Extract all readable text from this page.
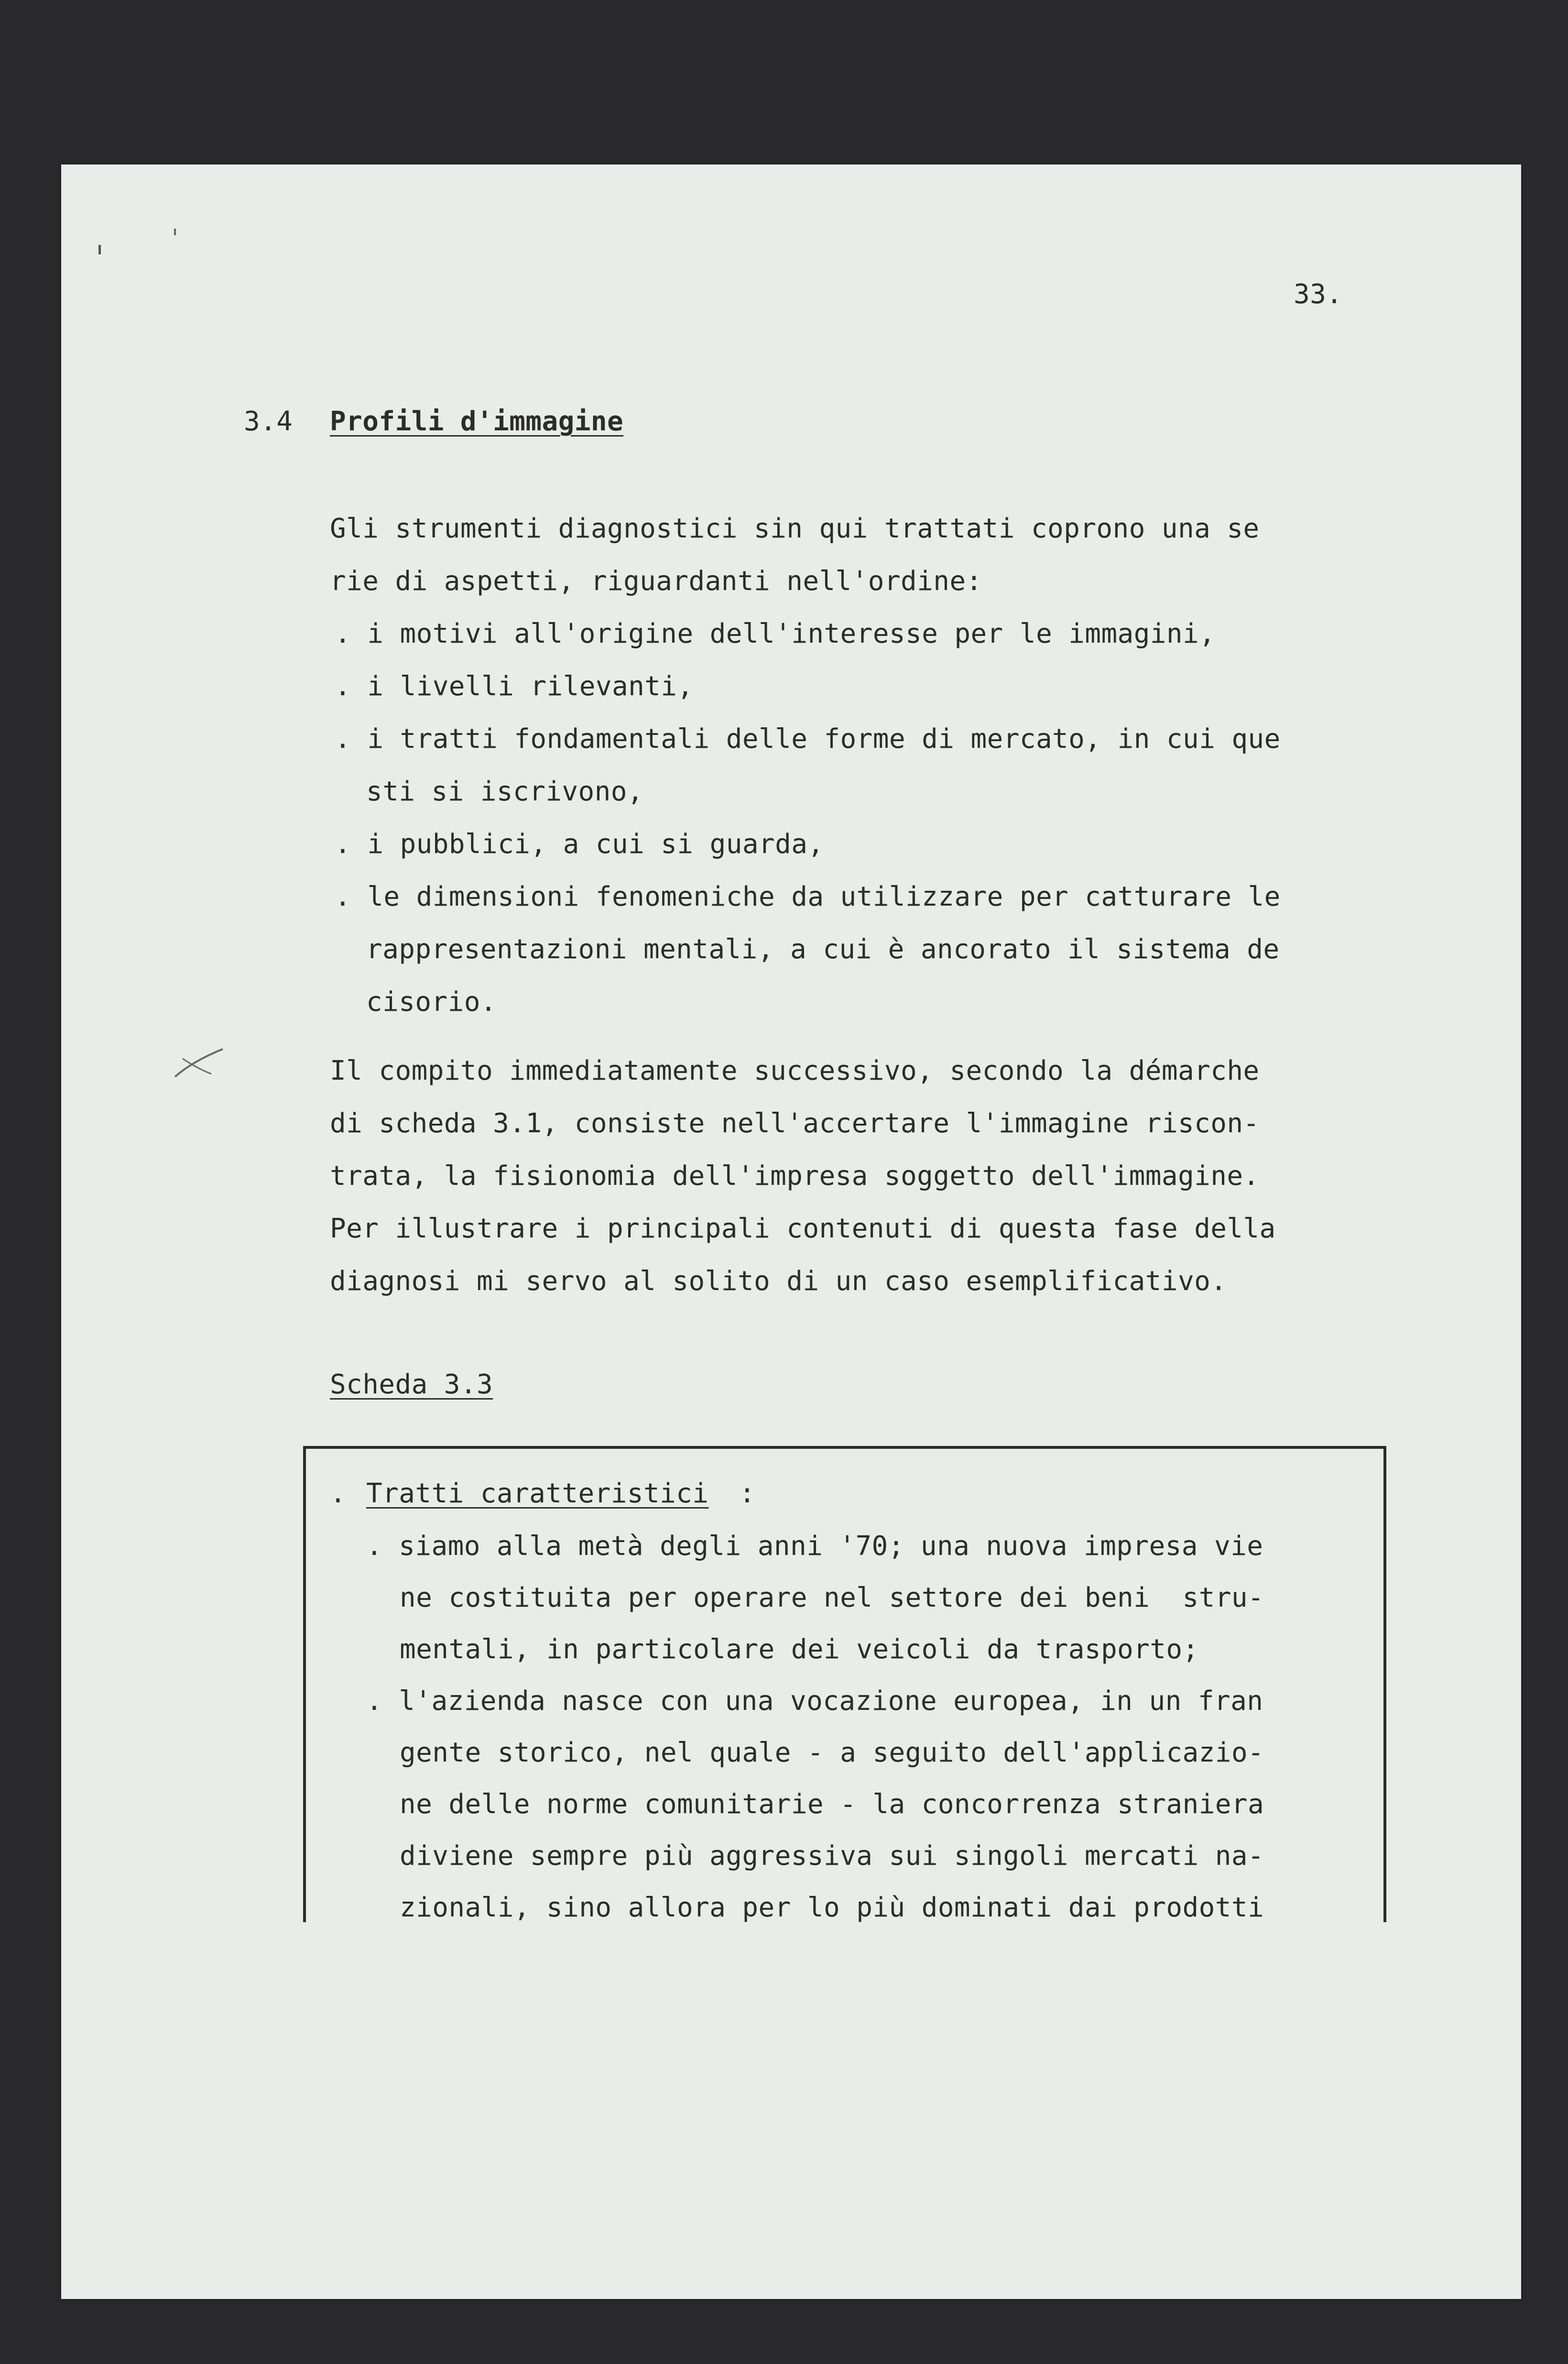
33.
3.4 Profili d'immagine
Gli strumenti diagnostici sin qui trattati coprono una se
rie di aspetti, riguardanti nell'ordine:
. i motivi all'origine dell'interesse per le immagini,
. i livelli rilevanti,
. i tratti fondamentali delle forme di mercato, in cui que
sti si iscrivono,
. i pubblici, a cui si guarda,
. le dimensioni fenomeniche da utilizzare per catturare le
rappresentazioni mentali, a cui è ancorato il sistema de
cisorio.
Il compito immediatamente successivo, secondo la démarche
di scheda 3.1, consiste nell'accertare l'immagine riscon-
trata, la fisionomia dell'impresa soggetto dell'immagine.
Per illustrare i principali contenuti di questa fase della
diagnosi mi servo al solito di un caso esemplificativo.
Scheda 3.3
. Tratti caratteristici :
. siamo alla metà degli anni '70; una nuova impresa vie
ne costituita per operare nel settore dei beni  stru-
mentali, in particolare dei veicoli da trasporto;
. l'azienda nasce con una vocazione europea, in un fran
gente storico, nel quale - a seguito dell'applicazio-
ne delle norme comunitarie - la concorrenza straniera
diviene sempre più aggressiva sui singoli mercati na-
zionali, sino allora per lo più dominati dai prodotti
